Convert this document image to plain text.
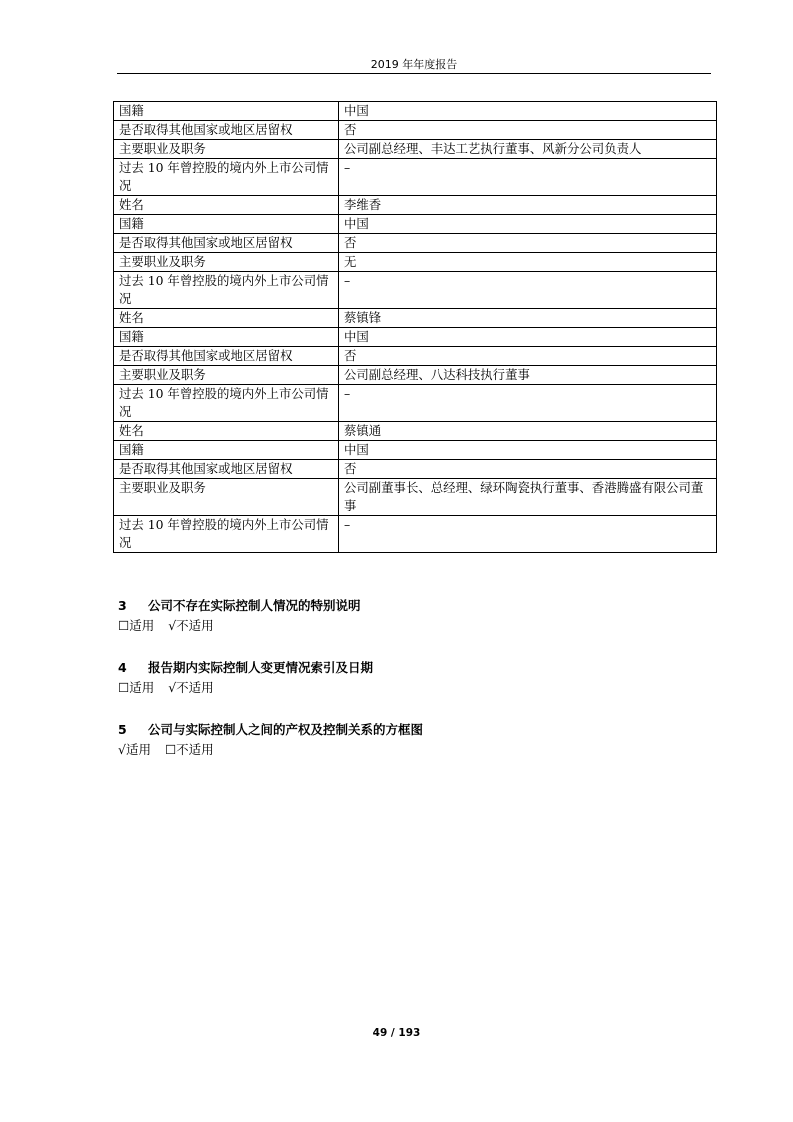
2019 年年度报告
国籍	中国
是否取得其他国家或地区居留权	否
主要职业及职务	公司副总经理、丰达工艺执行董事、风新分公司负责人
过去 10 年曾控股的境内外上市公司情况	–
姓名	李维香
国籍	中国
是否取得其他国家或地区居留权	否
主要职业及职务	无
过去 10 年曾控股的境内外上市公司情况	–
姓名	蔡镇锋
国籍	中国
是否取得其他国家或地区居留权	否
主要职业及职务	公司副总经理、八达科技执行董事
过去 10 年曾控股的境内外上市公司情况	–
姓名	蔡镇通
国籍	中国
是否取得其他国家或地区居留权	否
主要职业及职务	公司副董事长、总经理、绿环陶瓷执行董事、香港腾盛有限公司董事
过去 10 年曾控股的境内外上市公司情况	–
3 公司不存在实际控制人情况的特别说明
☐适用 √不适用
4 报告期内实际控制人变更情况索引及日期
☐适用 √不适用
5 公司与实际控制人之间的产权及控制关系的方框图
√适用 ☐不适用
49 / 193
